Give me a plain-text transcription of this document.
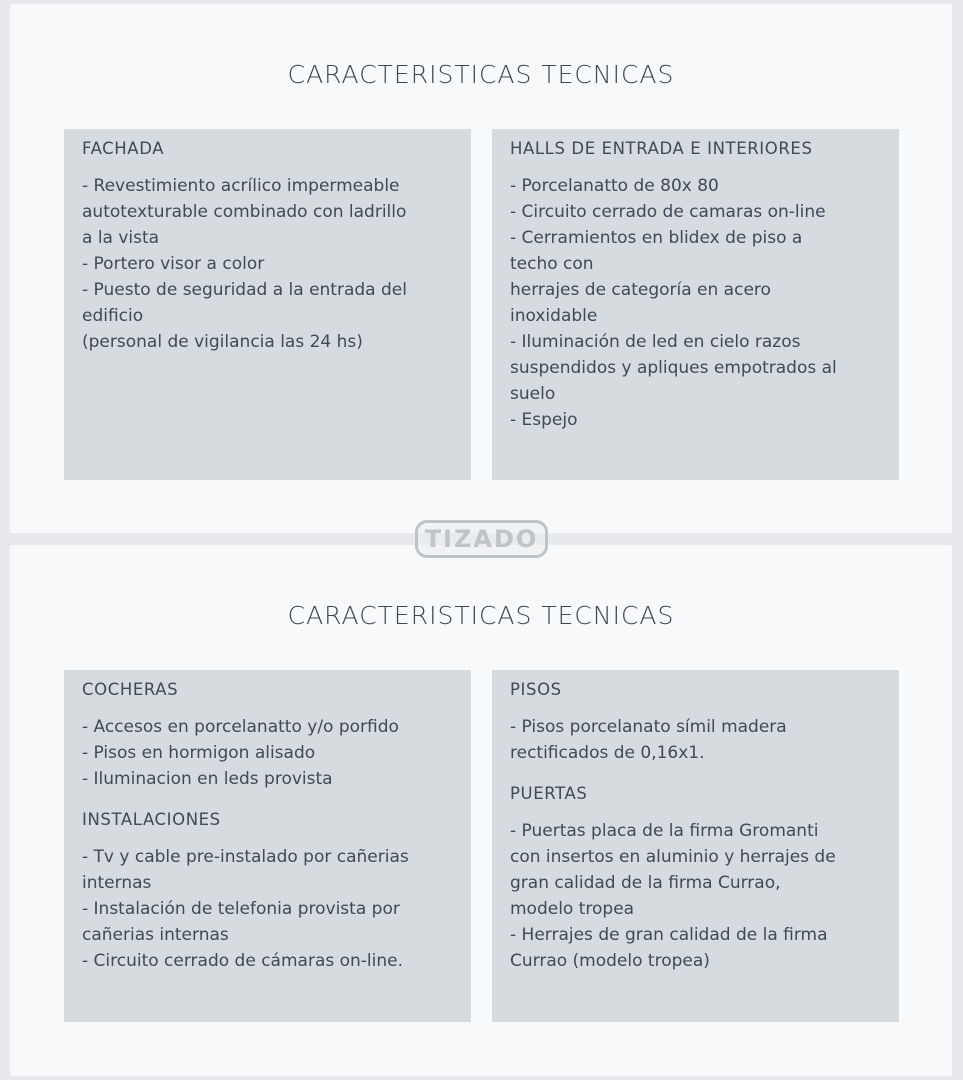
CARACTERISTICAS TECNICAS
FACHADA
- Revestimiento acrílico impermeable
autotexturable combinado con ladrillo
a la vista
- Portero visor a color
- Puesto de seguridad a la entrada del
edificio
(personal de vigilancia las 24 hs)
HALLS DE ENTRADA E INTERIORES
- Porcelanatto de 80x 80
- Circuito cerrado de camaras on-line
- Cerramientos en blidex de piso a
techo con
herrajes de categoría en acero
inoxidable
- Iluminación de led en cielo razos
suspendidos y apliques empotrados al
suelo
- Espejo
CARACTERISTICAS TECNICAS
COCHERAS
- Accesos en porcelanatto y/o porfido
- Pisos en hormigon alisado
- Iluminacion en leds provista
INSTALACIONES
- Tv y cable pre-instalado por cañerias
internas
- Instalación de telefonia provista por
cañerias internas
- Circuito cerrado de cámaras on-line.
PISOS
- Pisos porcelanato símil madera
rectificados de 0,16x1.
PUERTAS
- Puertas placa de la firma Gromanti
con insertos en aluminio y herrajes de
gran calidad de la firma Currao,
modelo tropea
- Herrajes de gran calidad de la firma
Currao (modelo tropea)
TIZADO
